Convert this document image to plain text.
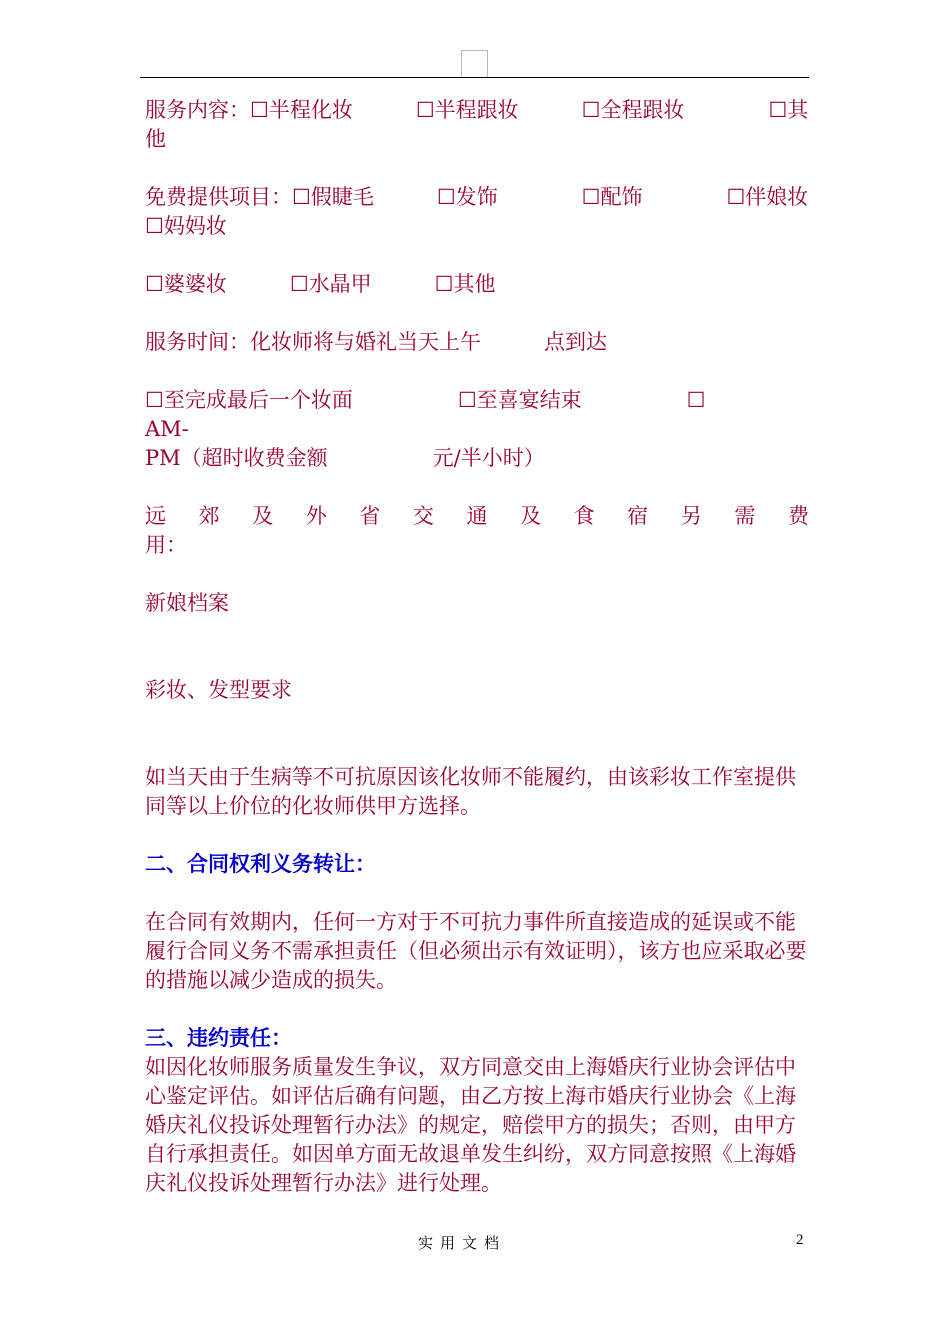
服务内容：☐半程化妆　　　☐半程跟妆　　　☐全程跟妆　　　　☐其

他

免费提供项目：☐假睫毛　　　☐发饰　　　　☐配饰　　　　☐伴娘妆

☐妈妈妆

☐婆婆妆　　　☐水晶甲　　　☐其他

服务时间：化妆师将与婚礼当天上午　　　点到达

☐至完成最后一个妆面　　　　　☐至喜宴结束　　　　　☐　　　　AM-

PM（超时收费金额　　　　　元/半小时）

远郊及外省交通及食宿另需费

用：

新娘档案

彩妆、发型要求

如当天由于生病等不可抗原因该化妆师不能履约，由该彩妆工作室提供同等以上价位的化妆师供甲方选择。

二、合同权利义务转让：

在合同有效期内，任何一方对于不可抗力事件所直接造成的延误或不能履行合同义务不需承担责任（但必须出示有效证明），该方也应采取必要的措施以减少造成的损失。

三、违约责任：

如因化妆师服务质量发生争议，双方同意交由上海婚庆行业协会评估中心鉴定评估。如评估后确有问题，由乙方按上海市婚庆行业协会《上海婚庆礼仪投诉处理暂行办法》的规定，赔偿甲方的损失；否则，由甲方自行承担责任。如因单方面无故退单发生纠纷，双方同意按照《上海婚庆礼仪投诉处理暂行办法》进行处理。

实用文档	2
